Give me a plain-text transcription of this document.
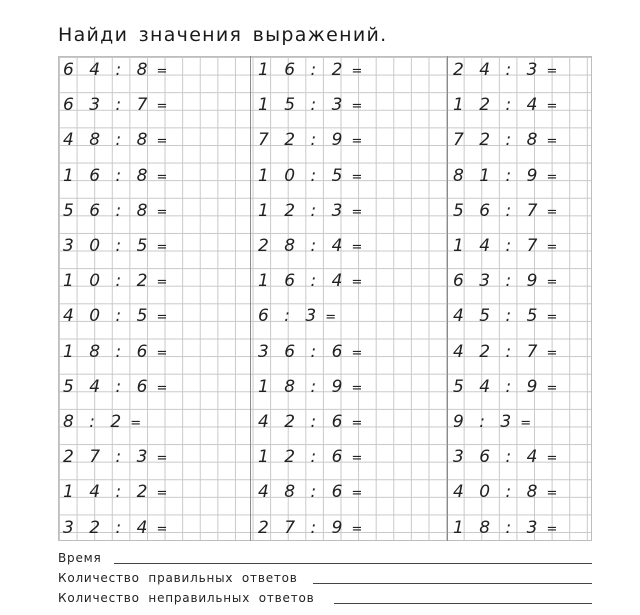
Найди значения выражений.
6 4 : 8 =
6 3 : 7 =
4 8 : 8 =
1 6 : 8 =
5 6 : 8 =
3 0 : 5 =
1 0 : 2 =
4 0 : 5 =
1 8 : 6 =
5 4 : 6 =
8 : 2 =
2 7 : 3 =
1 4 : 2 =
3 2 : 4 =
1 6 : 2 =
1 5 : 3 =
7 2 : 9 =
1 0 : 5 =
1 2 : 3 =
2 8 : 4 =
1 6 : 4 =
6 : 3 =
3 6 : 6 =
1 8 : 9 =
4 2 : 6 =
1 2 : 6 =
4 8 : 6 =
2 7 : 9 =
2 4 : 3 =
1 2 : 4 =
7 2 : 8 =
8 1 : 9 =
5 6 : 7 =
1 4 : 7 =
6 3 : 9 =
4 5 : 5 =
4 2 : 7 =
5 4 : 9 =
9 : 3 =
3 6 : 4 =
4 0 : 8 =
1 8 : 3 =
Время
Количество правильных ответов
Количество неправильных ответов
